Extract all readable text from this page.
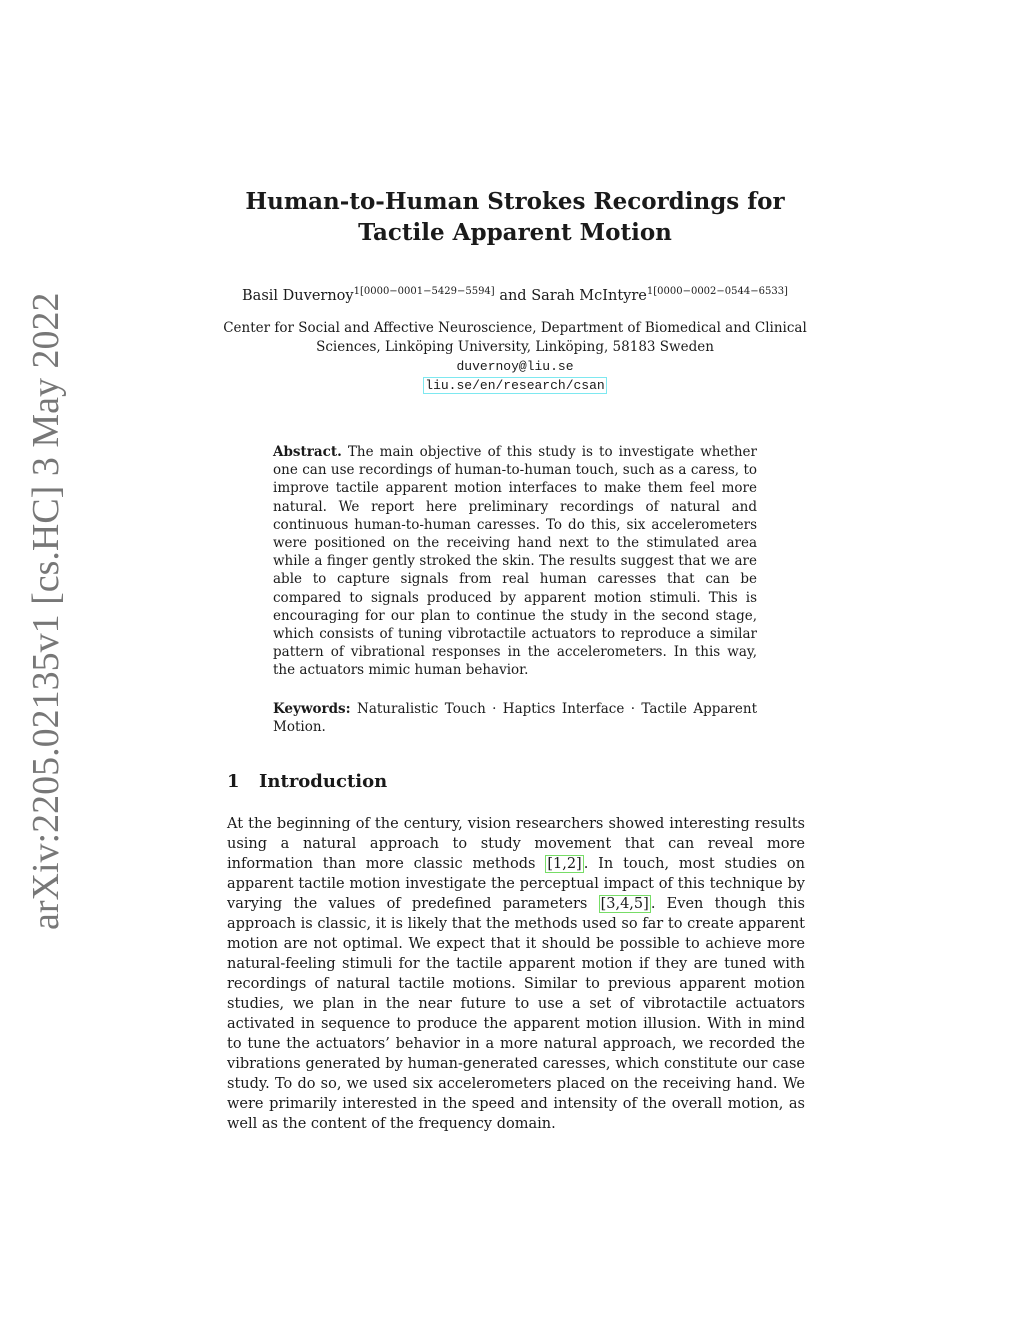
arXiv:2205.02135v1 [cs.HC] 3 May 2022
Human-to-Human Strokes Recordings for
Tactile Apparent Motion
Basil Duvernoy$^{1[0000-0001-5429-5594]}$ and Sarah McIntyre$^{1[0000-0002-0544-6533]}$
Center for Social and Affective Neuroscience, Department of Biomedical and Clinical
Sciences, Linköping University, Linköping, 58183 Sweden
duvernoy@liu.se
liu.se/en/research/csan
Abstract. The main objective of this study is to investigate whether one can use recordings of human-to-human touch, such as a caress, to improve tactile apparent motion interfaces to make them feel more natural. We report here preliminary recordings of natural and continuous human-to-human caresses. To do this, six accelerometers were positioned on the receiving hand next to the stimulated area while a finger gently stroked the skin. The results suggest that we are able to capture signals from real human caresses that can be compared to signals produced by apparent motion stimuli. This is encouraging for our plan to continue the study in the second stage, which consists of tuning vibrotactile actuators to reproduce a similar pattern of vibrational responses in the accelerometers. In this way, the actuators mimic human behavior.
Keywords: Naturalistic Touch · Haptics Interface · Tactile Apparent Motion.
1 Introduction
At the beginning of the century, vision researchers showed interesting results using a natural approach to study movement that can reveal more information than more classic methods [1,2] . In touch, most studies on apparent tactile motion investigate the perceptual impact of this technique by varying the values of predefined parameters [3,4,5] . Even though this approach is classic, it is likely that the methods used so far to create apparent motion are not optimal. We expect that it should be possible to achieve more natural-feeling stimuli for the tactile apparent motion if they are tuned with recordings of natural tactile motions. Similar to previous apparent motion studies, we plan in the near future to use a set of vibrotactile actuators activated in sequence to produce the apparent motion illusion. With in mind to tune the actuators’ behavior in a more natural approach, we recorded the vibrations generated by human-generated caresses, which constitute our case study. To do so, we used six accelerometers placed on the receiving hand. We were primarily interested in the speed and intensity of the overall motion, as well as the content of the frequency domain.
